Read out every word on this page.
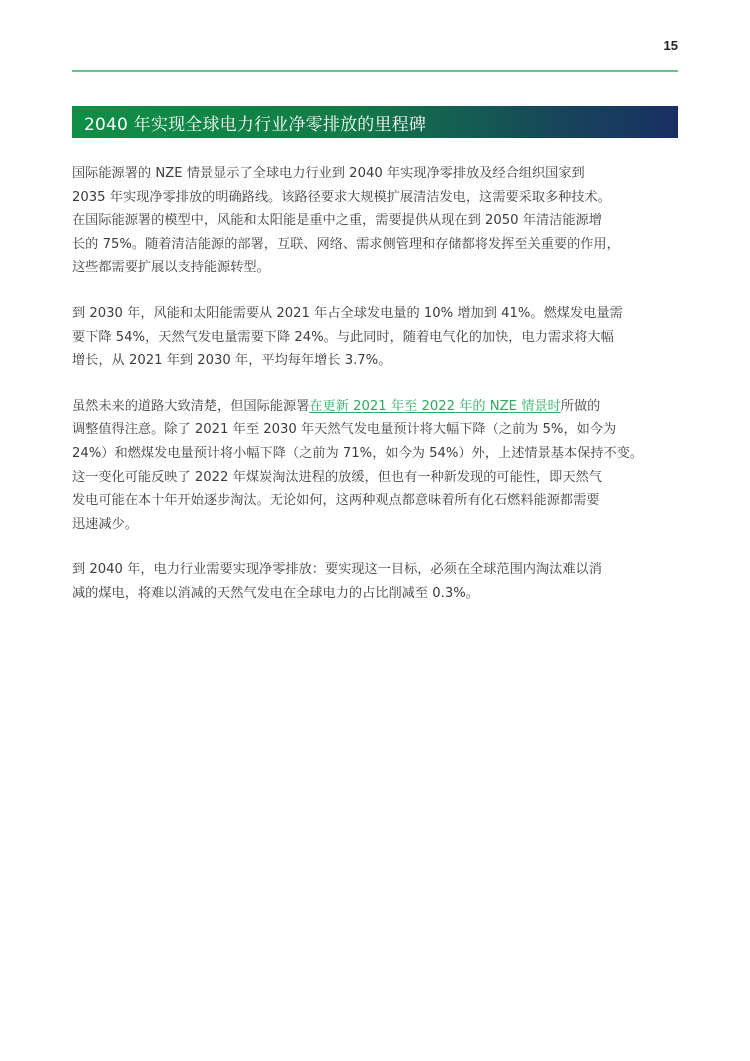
15
2040 年实现全球电力行业净零排放的里程碑

国际能源署的 NZE 情景显示了全球电力行业到 2040 年实现净零排放及经合组织国家到
2035 年实现净零排放的明确路线。该路径要求大规模扩展清洁发电，这需要采取多种技术。
在国际能源署的模型中，风能和太阳能是重中之重，需要提供从现在到 2050 年清洁能源增
长的 75%。随着清洁能源的部署，互联、网络、需求侧管理和存储都将发挥至关重要的作用，
这些都需要扩展以支持能源转型。

到 2030 年，风能和太阳能需要从 2021 年占全球发电量的 10% 增加到 41%。燃煤发电量需
要下降 54%，天然气发电量需要下降 24%。与此同时，随着电气化的加快，电力需求将大幅
增长，从 2021 年到 2030 年，平均每年增长 3.7%。

虽然未来的道路大致清楚，但国际能源署在更新 2021 年至 2022 年的 NZE 情景时所做的
调整值得注意。除了 2021 年至 2030 年天然气发电量预计将大幅下降（之前为 5%，如今为
24%）和燃煤发电量预计将小幅下降（之前为 71%，如今为 54%）外，上述情景基本保持不变。
这一变化可能反映了 2022 年煤炭淘汰进程的放缓，但也有一种新发现的可能性，即天然气
发电可能在本十年开始逐步淘汰。无论如何，这两种观点都意味着所有化石燃料能源都需要
迅速减少。

到 2040 年，电力行业需要实现净零排放：要实现这一目标，必须在全球范围内淘汰难以消
减的煤电，将难以消减的天然气发电在全球电力的占比削减至 0.3%。
